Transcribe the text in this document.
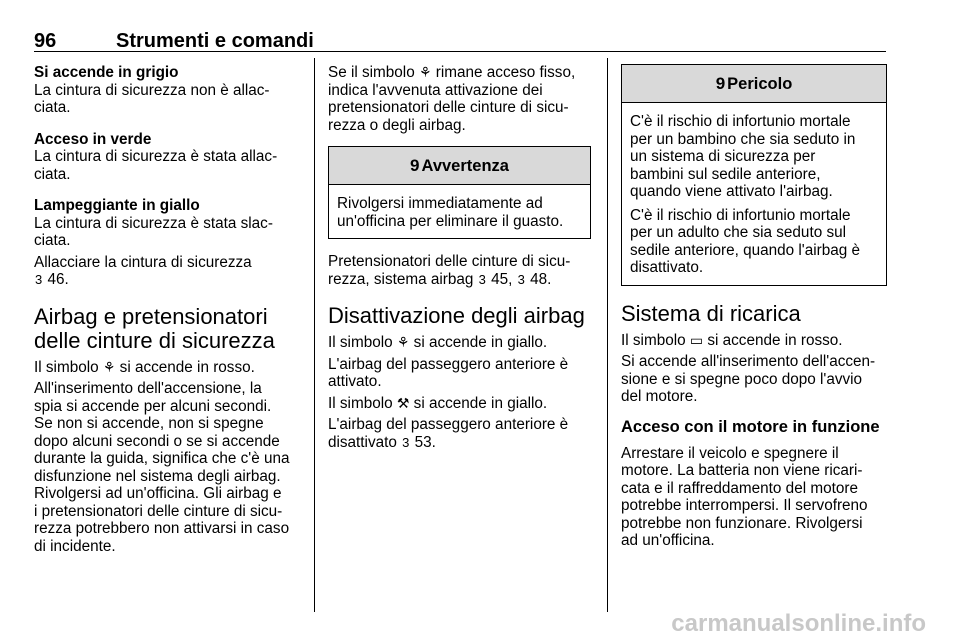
96	Strumenti e comandi
Si accende in grigio
La cintura di sicurezza non è allac-
ciata.
Acceso in verde
La cintura di sicurezza è stata allac-
ciata.
Lampeggiante in giallo
La cintura di sicurezza è stata slac-
ciata.
Allacciare la cintura di sicurezza
3 46.
Airbag e pretensionatori
delle cinture di sicurezza
Il simbolo ⚘ si accende in rosso.
All'inserimento dell'accensione, la
spia si accende per alcuni secondi.
Se non si accende, non si spegne
dopo alcuni secondi o se si accende
durante la guida, significa che c'è una
disfunzione nel sistema degli airbag.
Rivolgersi ad un'officina. Gli airbag e
i pretensionatori delle cinture di sicu-
rezza potrebbero non attivarsi in caso
di incidente.
Se il simbolo ⚘ rimane acceso fisso,
indica l'avvenuta attivazione dei
pretensionatori delle cinture di sicu-
rezza o degli airbag.
9 Avvertenza
Rivolgersi immediatamente ad
un'officina per eliminare il guasto.
Pretensionatori delle cinture di sicu-
rezza, sistema airbag 3 45, 3 48.
Disattivazione degli airbag
Il simbolo ⚘ si accende in giallo.
L'airbag del passeggero anteriore è
attivato.
Il simbolo ⚒ si accende in giallo.
L'airbag del passeggero anteriore è
disattivato 3 53.
9 Pericolo
C'è il rischio di infortunio mortale
per un bambino che sia seduto in
un sistema di sicurezza per
bambini sul sedile anteriore,
quando viene attivato l'airbag.
C'è il rischio di infortunio mortale
per un adulto che sia seduto sul
sedile anteriore, quando l'airbag è
disattivato.
Sistema di ricarica
Il simbolo ▭ si accende in rosso.
Si accende all'inserimento dell'accen-
sione e si spegne poco dopo l'avvio
del motore.
Acceso con il motore in funzione
Arrestare il veicolo e spegnere il
motore. La batteria non viene ricari-
cata e il raffreddamento del motore
potrebbe interrompersi. Il servofreno
potrebbe non funzionare. Rivolgersi
ad un'officina.
carmanualsonline.info
